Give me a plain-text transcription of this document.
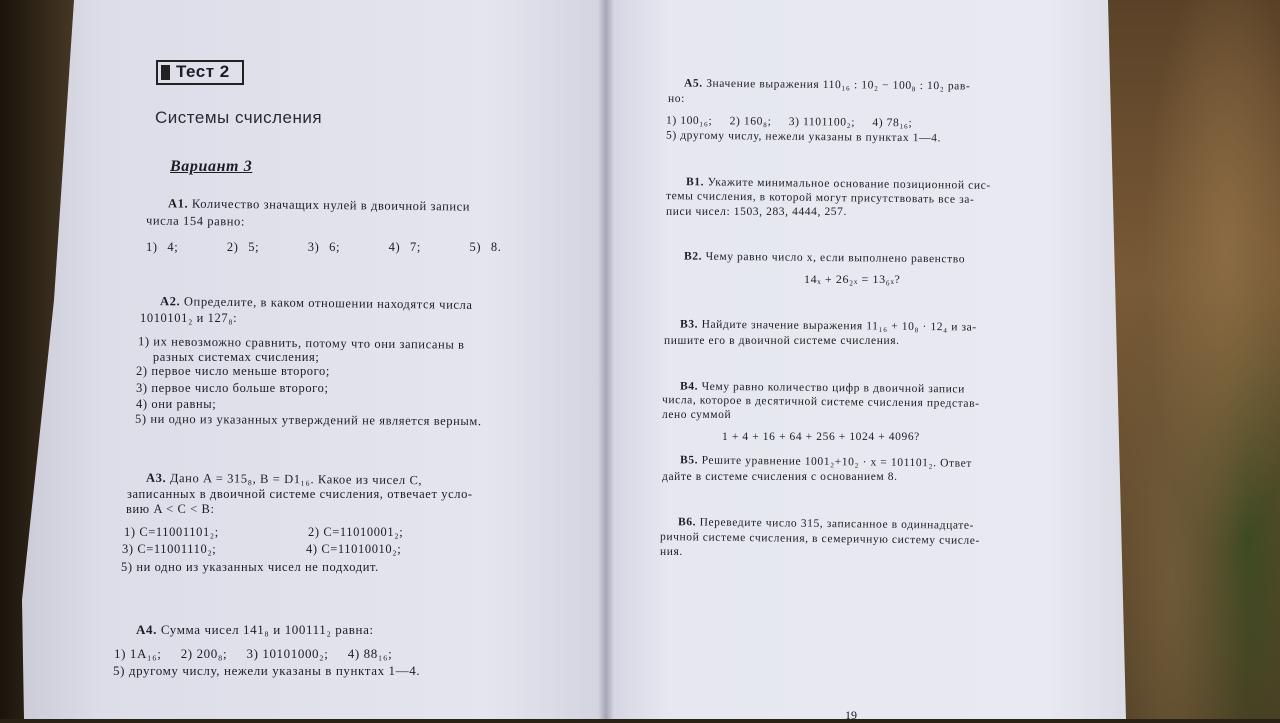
Тест 2
Системы счисления
Вариант 3
А1. Количество значащих нулей в двоичной записи
числа 154 равно:
1) 4;     2) 5;     3) 6;     4) 7;     5) 8.
А2. Определите, в каком отношении находятся числа
1010101₂ и 127₈:
1) их невозможно сравнить, потому что они записаны в
разных системах счисления;
2) первое число меньше второго;
3) первое число больше второго;
4) они равны;
5) ни одно из указанных утверждений не является верным.
А3. Дано A = 315₈, B = D1₁₆. Какое из чисел C,
записанных в двоичной системе счисления, отвечает усло-
вию A < C < B:
1) C=11001101₂;	2) C=11010001₂;
3) C=11001110₂;	4) C=11010010₂;
5) ни одно из указанных чисел не подходит.
А4. Сумма чисел 141₈ и 100111₂ равна:
1) 1A₁₆;     2) 200₈;     3) 10101000₂;     4) 88₁₆;
5) другому числу, нежели указаны в пунктах 1—4.
А5. Значение выражения 110₁₆ : 10₂ − 100₈ : 10₂ рав-
но:
1) 100₁₆;     2) 160₈;     3) 1101100₂;     4) 78₁₆;
5) другому числу, нежели указаны в пунктах 1—4.
В1. Укажите минимальное основание позиционной сис-
темы счисления, в которой могут присутствовать все за-
писи чисел: 1503, 283, 4444, 257.
В2. Чему равно число x, если выполнено равенство
14ₓ + 26₂ₓ = 13₆ₓ?
В3. Найдите значение выражения 11₁₆ + 10₈ · 12₄ и за-
пишите его в двоичной системе счисления.
В4. Чему равно количество цифр в двоичной записи
числа, которое в десятичной системе счисления представ-
лено суммой
1 + 4 + 16 + 64 + 256 + 1024 + 4096?
В5. Решите уравнение 1001₂+10₂ · x = 101101₂. Ответ
дайте в системе счисления с основанием 8.
В6. Переведите число 315, записанное в одиннадцате-
ричной системе счисления, в семеричную систему счисле-
ния.
19
